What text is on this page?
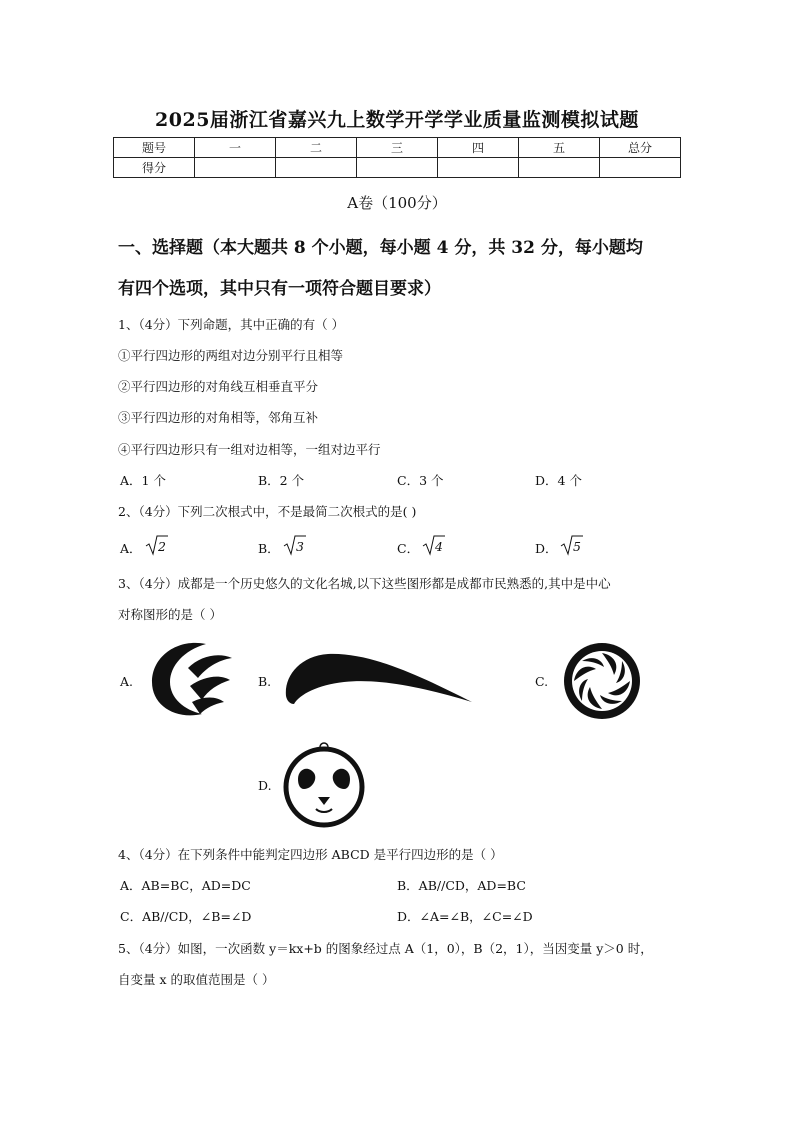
2025届浙江省嘉兴九上数学开学学业质量监测模拟试题
题号	一	二	三	四	五	总分
得分						
A卷（100分）
一、选择题（本大题共 8 个小题，每小题 4 分，共 32 分，每小题均
有四个选项，其中只有一项符合题目要求）
1、（4分）下列命题，其中正确的有（ ）
①平行四边形的两组对边分别平行且相等
②平行四边形的对角线互相垂直平分
③平行四边形的对角相等，邻角互补
④平行四边形只有一组对边相等，一组对边平行
A．1 个	B．2 个	C．3 个	D．4 个
2、（4分）下列二次根式中，不是最简二次根式的是( )
A． 2	B． 3	C． 4	D． 5
3、（4分）成都是一个历史悠久的文化名城,以下这些图形都是成都市民熟悉的,其中是中心
对称图形的是（ ）
A.	B.	C.
D.
4、（4分）在下列条件中能判定四边形 ABCD 是平行四边形的是（ ）
A．AB=BC，AD=DC	B．AB//CD，AD=BC
C．AB//CD，∠B=∠D	D．∠A=∠B，∠C=∠D
5、（4分）如图，一次函数 y＝kx+b 的图象经过点 A（1，0），B（2，1），当因变量 y＞0 时，
自变量 x 的取值范围是（ ）
